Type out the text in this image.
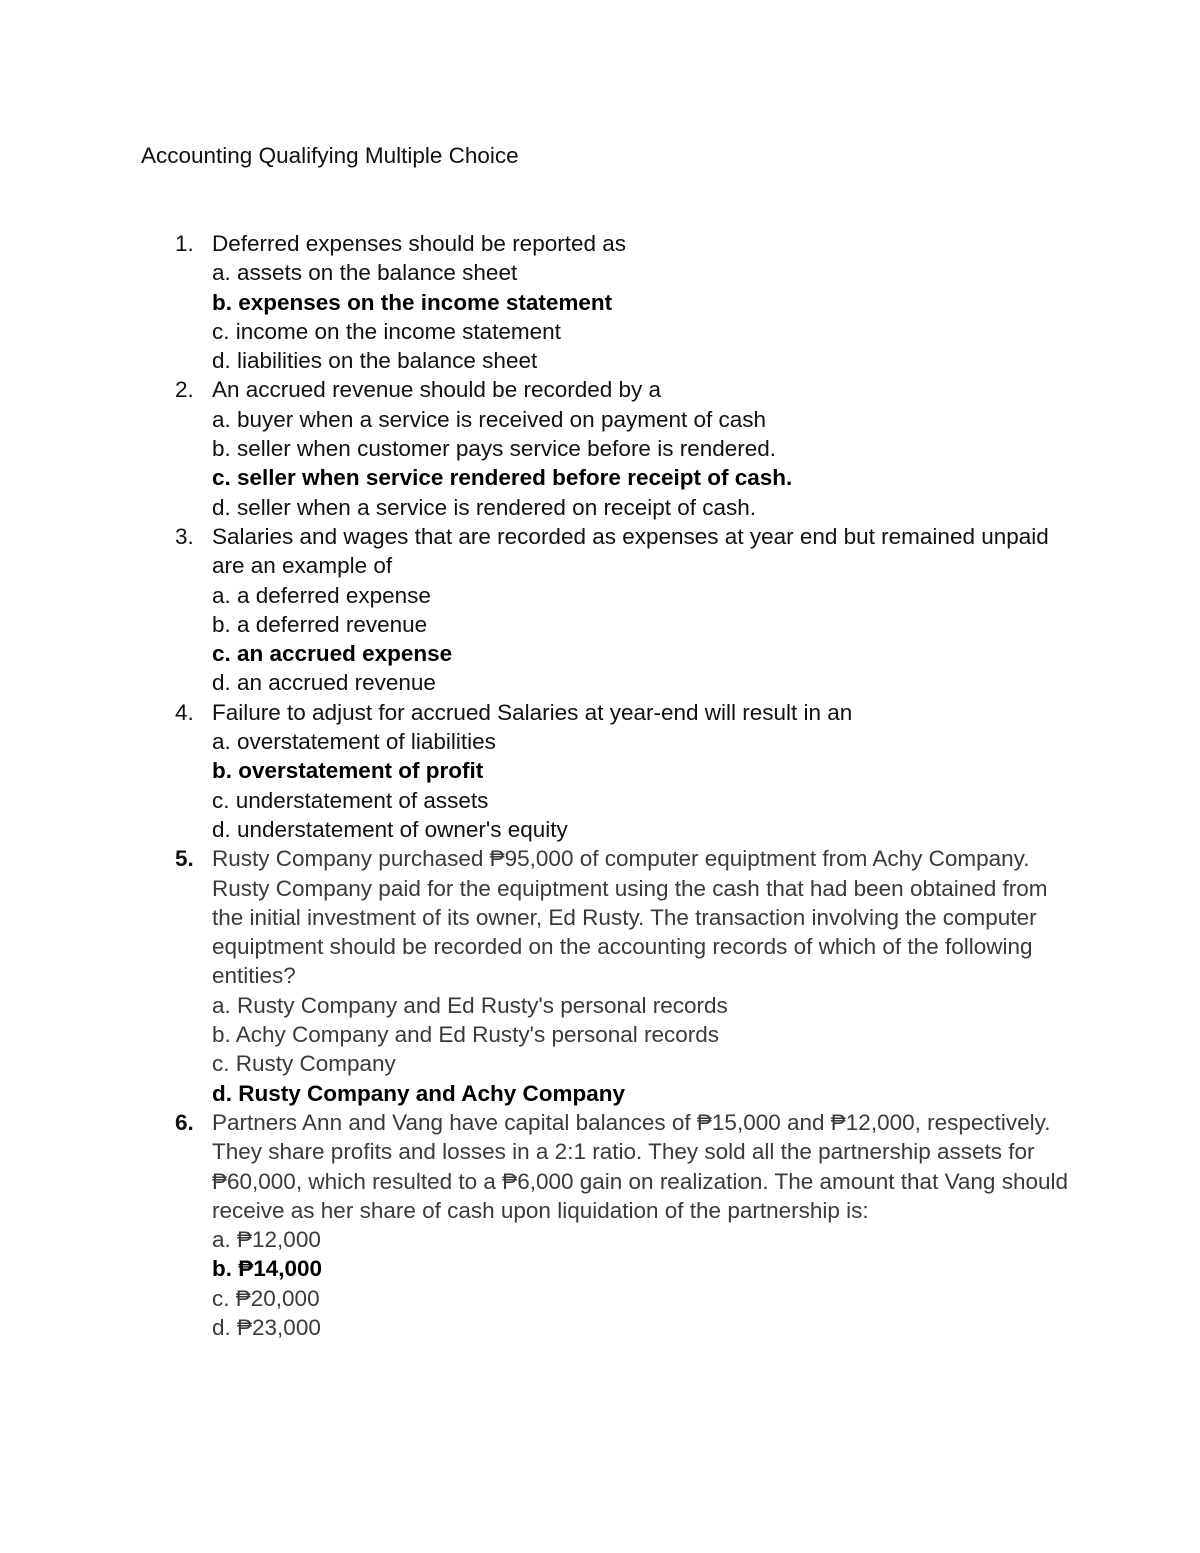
Accounting Qualifying Multiple Choice
1. Deferred expenses should be reported as
a. assets on the balance sheet
b. expenses on the income statement
c. income on the income statement
d. liabilities on the balance sheet
2. An accrued revenue should be recorded by a
a. buyer when a service is received on payment of cash
b. seller when customer pays service before is rendered.
c. seller when service rendered before receipt of cash.
d. seller when a service is rendered on receipt of cash.
3. Salaries and wages that are recorded as expenses at year end but remained unpaid are an example of
a. a deferred expense
b. a deferred revenue
c. an accrued expense
d. an accrued revenue
4. Failure to adjust for accrued Salaries at year-end will result in an
a. overstatement of liabilities
b. overstatement of profit
c. understatement of assets
d. understatement of owner's equity
5. Rusty Company purchased ₱95,000 of computer equiptment from Achy Company. Rusty Company paid for the equiptment using the cash that had been obtained from the initial investment of its owner, Ed Rusty. The transaction involving the computer equiptment should be recorded on the accounting records of which of the following entities?
a. Rusty Company and Ed Rusty's personal records
b. Achy Company and Ed Rusty's personal records
c. Rusty Company
d. Rusty Company and Achy Company
6. Partners Ann and Vang have capital balances of ₱15,000 and ₱12,000, respectively. They share profits and losses in a 2:1 ratio. They sold all the partnership assets for ₱60,000, which resulted to a ₱6,000 gain on realization. The amount that Vang should receive as her share of cash upon liquidation of the partnership is:
a. ₱12,000
b. ₱14,000
c. ₱20,000
d. ₱23,000
